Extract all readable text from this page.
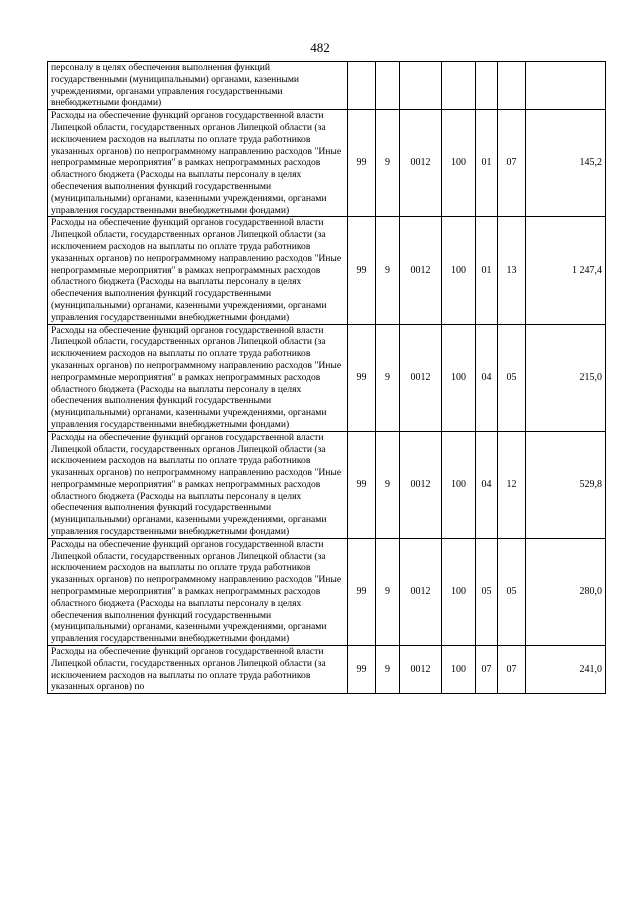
482
персоналу в целях обеспечения выполнения функций государственными (муниципальными) органами, казенными учреждениями, органами управления государственными внебюджетными фондами)							
Расходы на обеспечение функций органов государственной власти Липецкой области, государственных органов Липецкой области (за исключением расходов на выплаты по оплате труда работников указанных органов) по непрограммному направлению расходов "Иные непрограммные мероприятия" в рамках непрограммных расходов областного бюджета (Расходы на выплаты персоналу в целях обеспечения выполнения функций государственными (муниципальными) органами, казенными учреждениями, органами управления государственными внебюджетными фондами)	99	9	0012	100	01	07	145,2
Расходы на обеспечение функций органов государственной власти Липецкой области, государственных органов Липецкой области (за исключением расходов на выплаты по оплате труда работников указанных органов) по непрограммному направлению расходов "Иные непрограммные мероприятия" в рамках непрограммных расходов областного бюджета (Расходы на выплаты персоналу в целях обеспечения выполнения функций государственными (муниципальными) органами, казенными учреждениями, органами управления государственными внебюджетными фондами)	99	9	0012	100	01	13	1 247,4
Расходы на обеспечение функций органов государственной власти Липецкой области, государственных органов Липецкой области (за исключением расходов на выплаты по оплате труда работников указанных органов) по непрограммному направлению расходов "Иные непрограммные мероприятия" в рамках непрограммных расходов областного бюджета (Расходы на выплаты персоналу в целях обеспечения выполнения функций государственными (муниципальными) органами, казенными учреждениями, органами управления государственными внебюджетными фондами)	99	9	0012	100	04	05	215,0
Расходы на обеспечение функций органов государственной власти Липецкой области, государственных органов Липецкой области (за исключением расходов на выплаты по оплате труда работников указанных органов) по непрограммному направлению расходов "Иные непрограммные мероприятия" в рамках непрограммных расходов областного бюджета (Расходы на выплаты персоналу в целях обеспечения выполнения функций государственными (муниципальными) органами, казенными учреждениями, органами управления государственными внебюджетными фондами)	99	9	0012	100	04	12	529,8
Расходы на обеспечение функций органов государственной власти Липецкой области, государственных органов Липецкой области (за исключением расходов на выплаты по оплате труда работников указанных органов) по непрограммному направлению расходов "Иные непрограммные мероприятия" в рамках непрограммных расходов областного бюджета (Расходы на выплаты персоналу в целях обеспечения выполнения функций государственными (муниципальными) органами, казенными учреждениями, органами управления государственными внебюджетными фондами)	99	9	0012	100	05	05	280,0
Расходы на обеспечение функций органов государственной власти Липецкой области, государственных органов Липецкой области (за исключением расходов на выплаты по оплате труда работников указанных органов) по	99	9	0012	100	07	07	241,0
